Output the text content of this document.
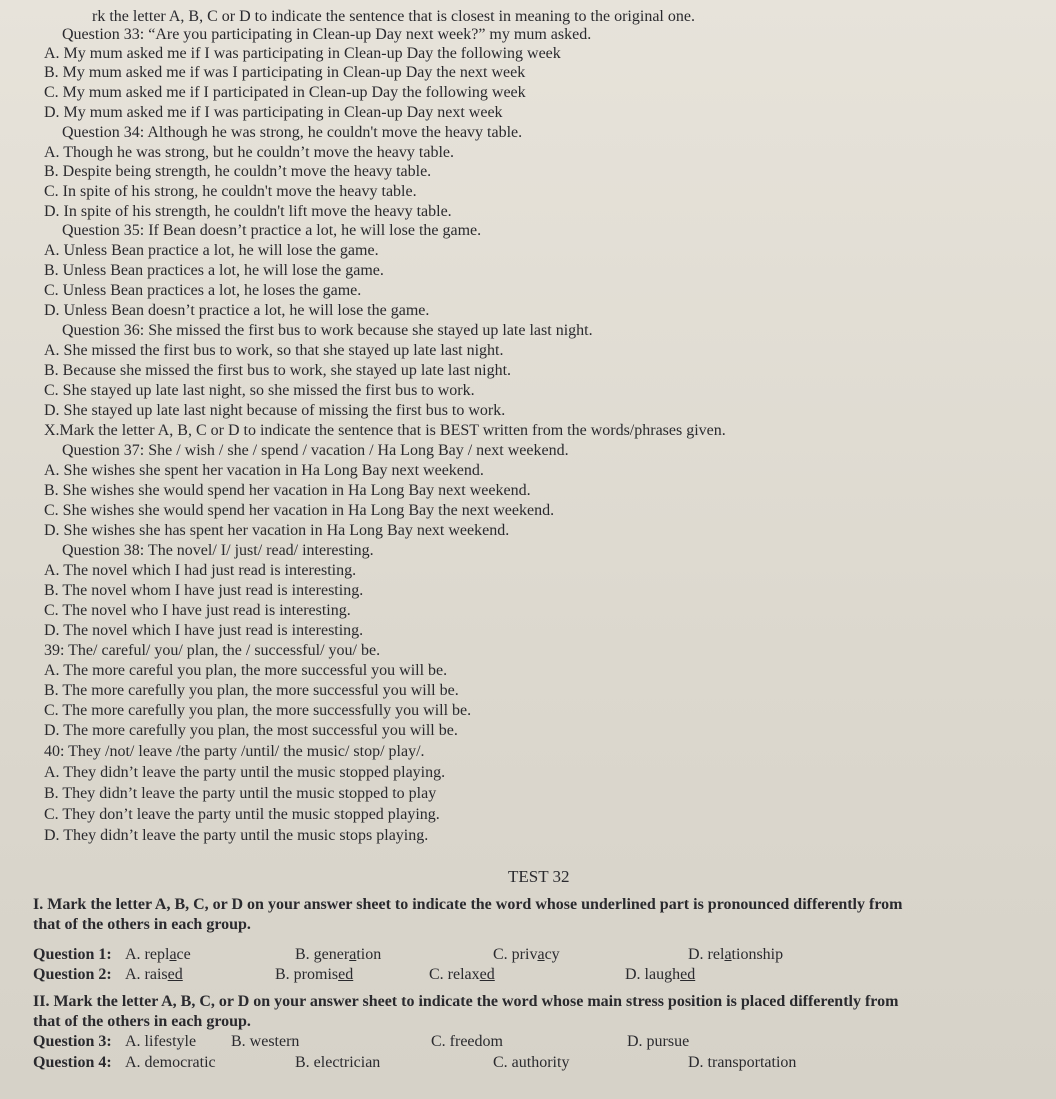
rk the letter A, B, C or D to indicate the sentence that is closest in meaning to the original one.
Question 33: “Are you participating in Clean-up Day next week?” my mum asked.
A. My mum asked me if I was participating in Clean-up Day the following week
B. My mum asked me if was I participating in Clean-up Day the next week
C. My mum asked me if I participated in Clean-up Day the following week
D. My mum asked me if I was participating in Clean-up Day next week
Question 34: Although he was strong, he couldn't move the heavy table.
A. Though he was strong, but he couldn’t move the heavy table.
B. Despite being strength, he couldn’t move the heavy table.
C. In spite of his strong, he couldn't move the heavy table.
D. In spite of his strength, he couldn't lift move the heavy table.
Question 35: If Bean doesn’t practice a lot, he will lose the game.
A. Unless Bean practice a lot, he will lose the game.
B. Unless Bean practices a lot, he will lose the game.
C. Unless Bean practices a lot, he loses the game.
D. Unless Bean doesn’t practice a lot, he will lose the game.
Question 36: She missed the first bus to work because she stayed up late last night.
A. She missed the first bus to work, so that she stayed up late last night.
B. Because she missed the first bus to work, she stayed up late last night.
C. She stayed up late last night, so she missed the first bus to work.
D. She stayed up late last night because of missing the first bus to work.
X.Mark the letter A, B, C or D to indicate the sentence that is BEST written from the words/phrases given.
Question 37: She / wish / she / spend / vacation / Ha Long Bay / next weekend.
A. She wishes she spent her vacation in Ha Long Bay next weekend.
B. She wishes she would spend her vacation in Ha Long Bay next weekend.
C. She wishes she would spend her vacation in Ha Long Bay the next weekend.
D. She wishes she has spent her vacation in Ha Long Bay next weekend.
Question 38: The novel/ I/ just/ read/ interesting.
A. The novel which I had just read is interesting.
B. The novel whom I have just read is interesting.
C. The novel who I have just read is interesting.
D. The novel which I have just read is interesting.
39: The/ careful/ you/ plan, the / successful/ you/ be.
A. The more careful you plan, the more successful you will be.
B. The more carefully you plan, the more successful you will be.
C. The more carefully you plan, the more successfully you will be.
D. The more carefully you plan, the most successful you will be.
40: They /not/ leave /the party /until/ the music/ stop/ play/.
A. They didn’t leave the party until the music stopped playing.
B. They didn’t leave the party until the music stopped to play
C. They don’t leave the party until the music stopped playing.
D. They didn’t leave the party until the music stops playing.
TEST 32
I. Mark the letter A, B, C, or D on your answer sheet to indicate the word whose underlined part is pronounced differently from
that of the others in each group.
Question 1: A. replace	B. generation	C. privacy	D. relationship
Question 2: A. raised	B. promised	C. relaxed	D. laughed
II. Mark the letter A, B, C, or D on your answer sheet to indicate the word whose main stress position is placed differently from
that of the others in each group.
Question 3: A. lifestyle	B. western	C. freedom	D. pursue
Question 4: A. democratic	B. electrician	C. authority	D. transportation
